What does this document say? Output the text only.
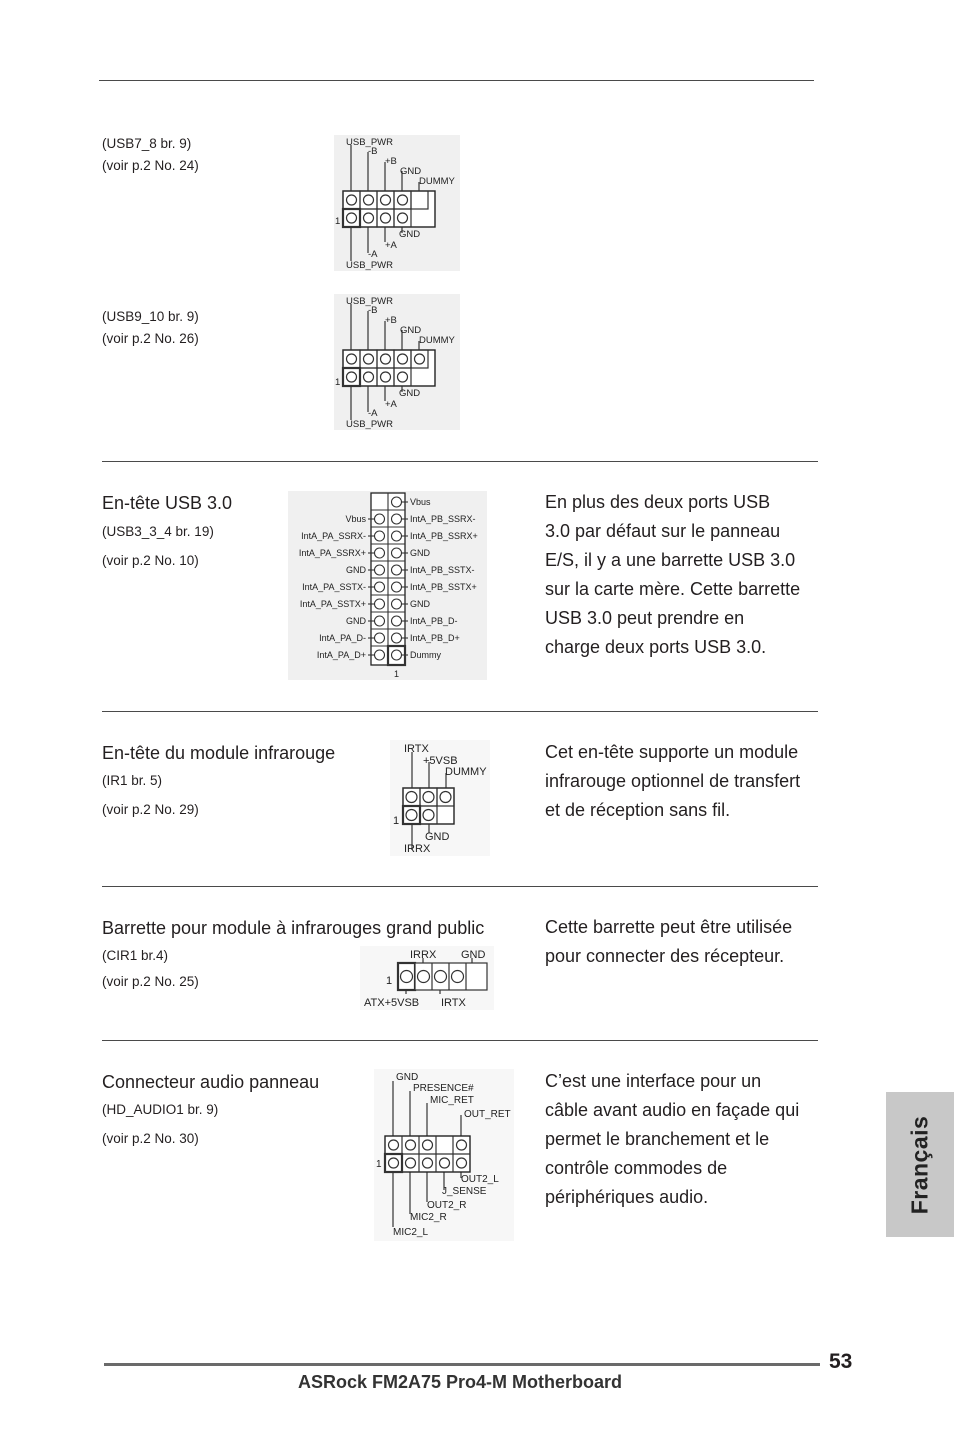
(USB7_8 br. 9)
(voir p.2 No. 24)
USB_PWR
-B
+B
GND
DUMMY
1
GND
+A
-A
USB_PWR
(USB9_10 br. 9)
(voir p.2 No. 26)
USB_PWR
-B
+B
GND
DUMMY
1
GND
+A
-A
USB_PWR
En-tête USB 3.0
(USB3_3_4 br. 19)
(voir p.2 No. 10)
Vbus
IntA_PA_SSRX-
IntA_PA_SSRX+
GND
IntA_PA_SSTX-
IntA_PA_SSTX+
GND
IntA_PA_D-
IntA_PA_D+
Vbus
IntA_PB_SSRX-
IntA_PB_SSRX+
GND
IntA_PB_SSTX-
IntA_PB_SSTX+
GND
IntA_PB_D-
IntA_PB_D+
Dummy
1
En plus des deux ports USB
3.0 par défaut sur le panneau
E/S, il y a une barrette USB 3.0
sur la carte mère. Cette barrette
USB 3.0 peut prendre en
charge deux ports USB 3.0.
En-tête du module infrarouge
(IR1 br. 5)
(voir p.2 No. 29)
IRTX
+5VSB
DUMMY
1
GND
IRRX
Cet en-tête supporte un module
infrarouge optionnel de transfert
et de réception sans fil.
Barrette pour module à infrarouges grand public
(CIR1 br.4)
(voir p.2 No. 25)
IRRX GND
1
ATX+5VSB IRTX
Cette barrette peut être utilisée
pour connecter des récepteur.
Connecteur audio panneau
(HD_AUDIO1 br. 9)
(voir p.2 No. 30)
GND
PRESENCE#
MIC_RET
OUT_RET
1
OUT2_L
J_SENSE
OUT2_R
MIC2_R
MIC2_L
C’est une interface pour un
câble avant audio en façade qui
permet le branchement et le
contrôle commodes de
périphériques audio.	Français
53
ASRock FM2A75 Pro4-M Motherboard
